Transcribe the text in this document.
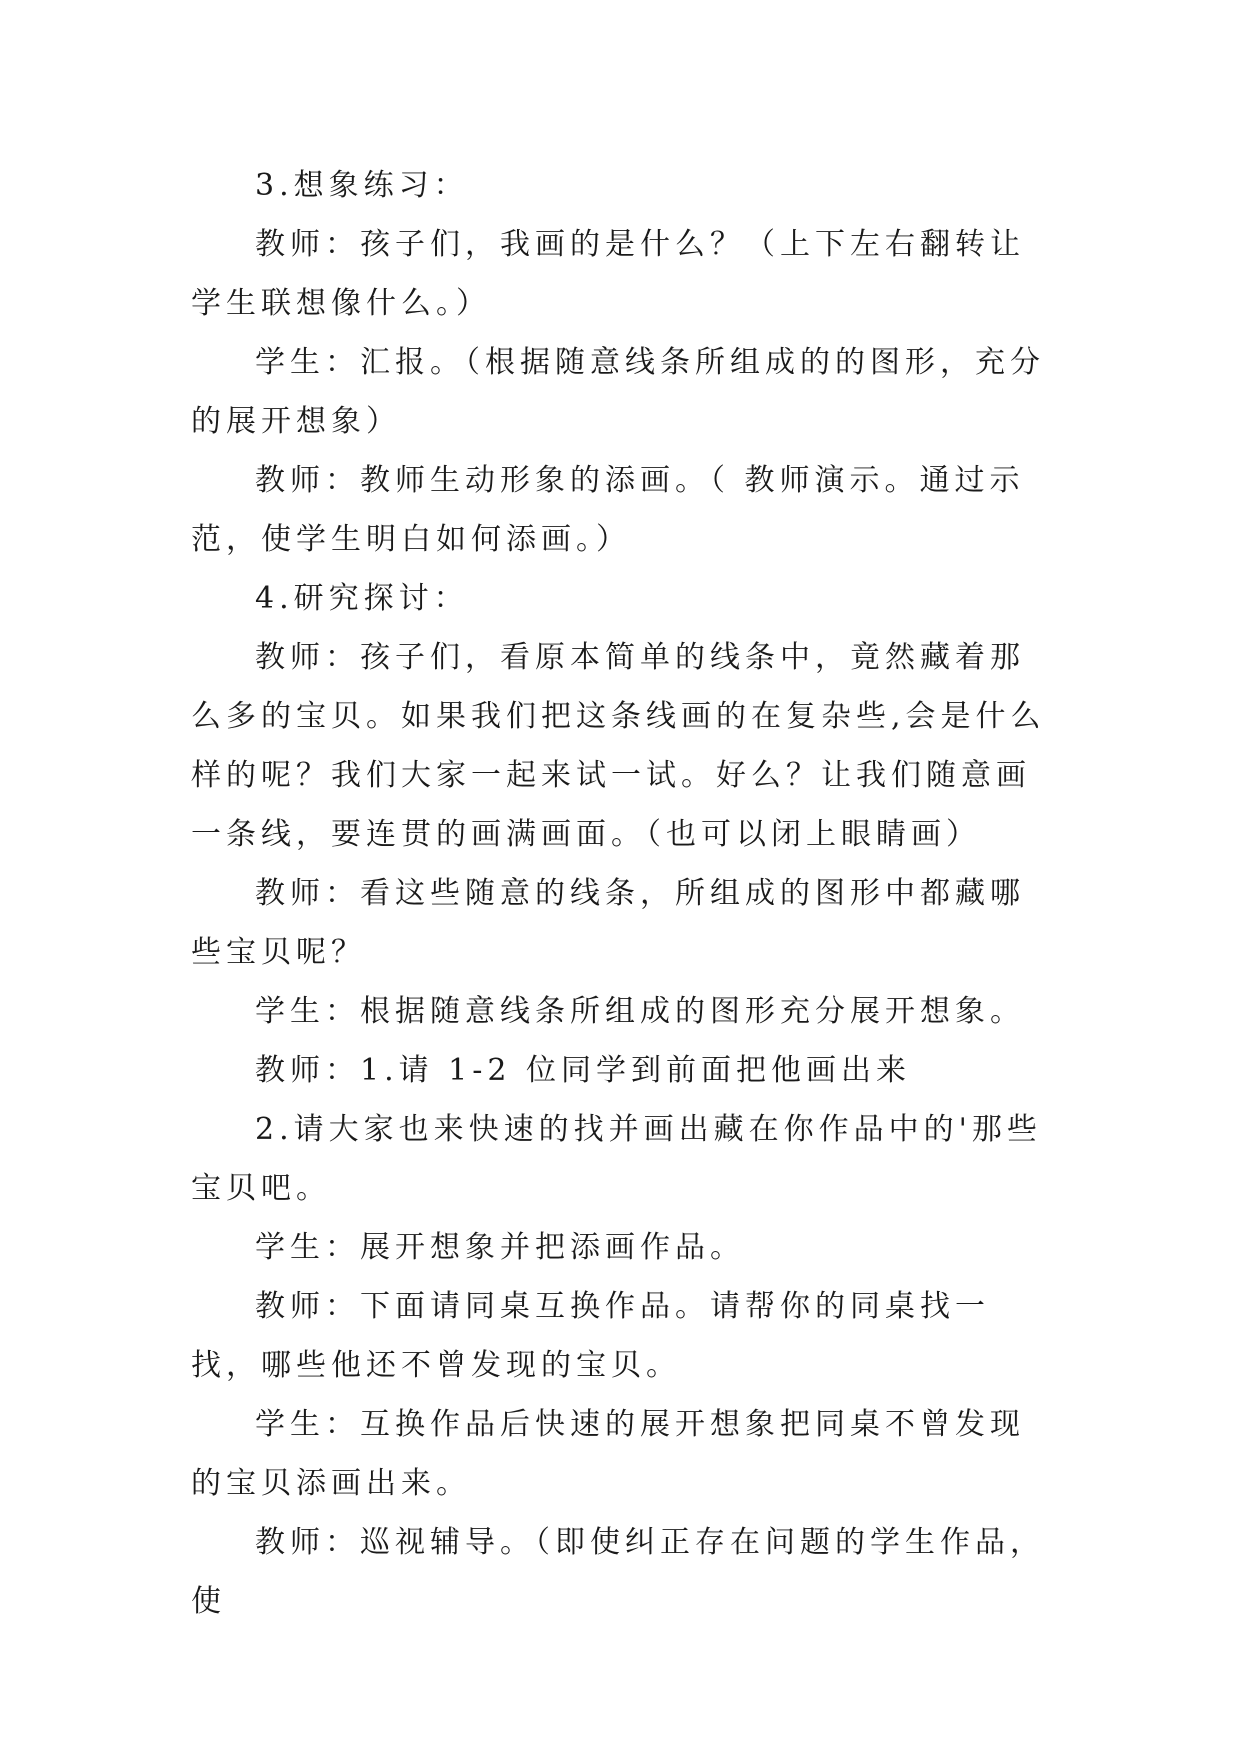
3.想象练习：

教师：孩子们，我画的是什么？（上下左右翻转让学生联想像什么。）

学生：汇报。（根据随意线条所组成的的图形，充分的展开想象）

教师：教师生动形象的添画。（ 教师演示。通过示范，使学生明白如何添画。）

4.研究探讨：

教师：孩子们，看原本简单的线条中，竟然藏着那么多的宝贝。如果我们把这条线画的在复杂些,会是什么样的呢？我们大家一起来试一试。好么？让我们随意画一条线，要连贯的画满画面。（也可以闭上眼睛画）

教师：看这些随意的线条，所组成的图形中都藏哪些宝贝呢？

学生：根据随意线条所组成的图形充分展开想象。

教师：1.请 1-2 位同学到前面把他画出来

2.请大家也来快速的找并画出藏在你作品中的'那些宝贝吧。

学生：展开想象并把添画作品。

教师：下面请同桌互换作品。请帮你的同桌找一找，哪些他还不曾发现的宝贝。

学生：互换作品后快速的展开想象把同桌不曾发现的宝贝添画出来。

教师：巡视辅导。（即使纠正存在问题的学生作品，使
